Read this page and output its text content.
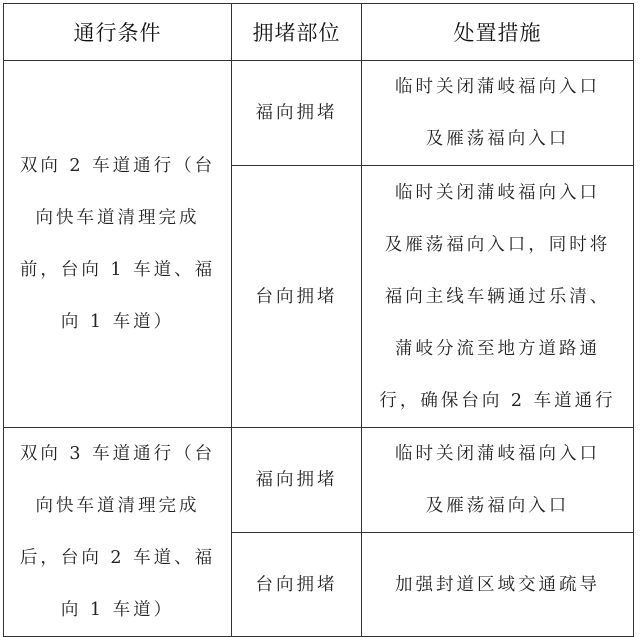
通行条件	拥堵部位	处置措施

双向 2 车道通行（台
向快车道清理完成
前，台向 1 车道、福
向 1 车道）	福向拥堵	临时关闭蒲岐福向入口
及雁荡福向入口

	台向拥堵	临时关闭蒲岐福向入口
及雁荡福向入口，同时将
福向主线车辆通过乐清、
蒲岐分流至地方道路通
行，确保台向 2 车道通行

双向 3 车道通行（台
向快车道清理完成
后，台向 2 车道、福
向 1 车道）	福向拥堵	临时关闭蒲岐福向入口
及雁荡福向入口

	台向拥堵	加强封道区域交通疏导
